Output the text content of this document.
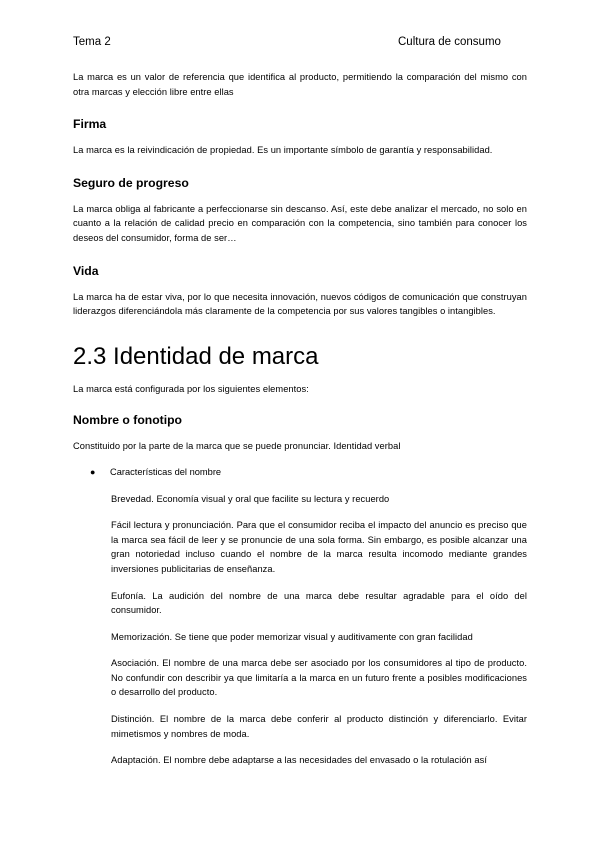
Tema 2	Cultura de consumo

La marca es un valor de referencia que identifica al producto, permitiendo la comparación del mismo con otra marcas y elección libre entre ellas

Firma

La marca es la reivindicación de propiedad. Es un importante símbolo de garantía y responsabilidad.

Seguro de progreso

La marca obliga al fabricante a perfeccionarse sin descanso. Así, este debe analizar el mercado, no solo en cuanto a la relación de calidad precio en comparación con la competencia, sino también para conocer los deseos del consumidor, forma de ser…

Vida

La marca ha de estar viva, por lo que necesita innovación, nuevos códigos de comunicación que construyan liderazgos diferenciándola más claramente de la competencia por sus valores tangibles o intangibles.

2.3 Identidad de marca

La marca está configurada por los siguientes elementos:

Nombre o fonotipo

Constituido por la parte de la marca que se puede pronunciar. Identidad verbal

● Características del nombre

Brevedad. Economía visual y oral que facilite su lectura y recuerdo

Fácil lectura y pronunciación. Para que el consumidor reciba el impacto del anuncio es preciso que la marca sea fácil de leer y se pronuncie de una sola forma. Sin embargo, es posible alcanzar una gran notoriedad incluso cuando el nombre de la marca resulta incomodo mediante grandes inversiones publicitarias de enseñanza.

Eufonía. La audición del nombre de una marca debe resultar agradable para el oído del consumidor.

Memorización. Se tiene que poder memorizar visual y auditivamente con gran facilidad

Asociación. El nombre de una marca debe ser asociado por los consumidores al tipo de producto. No confundir con describir ya que limitaría a la marca en un futuro frente a posibles modificaciones o desarrollo del producto.

Distinción. El nombre de la marca debe conferir al producto distinción y diferenciarlo. Evitar mimetismos y nombres de moda.

Adaptación. El nombre debe adaptarse a las necesidades del envasado o la rotulación así
